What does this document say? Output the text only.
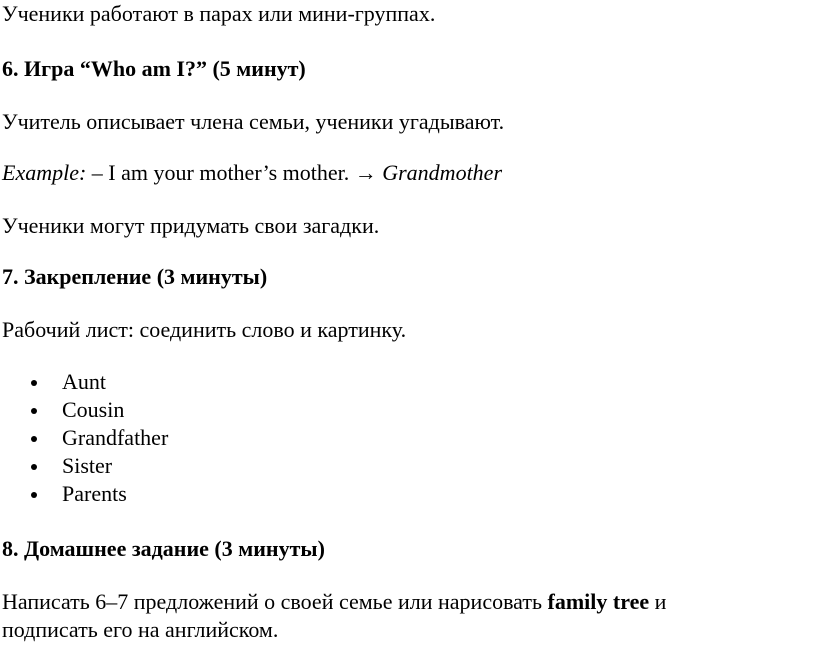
Ученики работают в парах или мини-группах.

6. Игра “Who am I?” (5 минут)

Учитель описывает члена семьи, ученики угадывают.

Example: – I am your mother’s mother. → Grandmother

Ученики могут придумать свои загадки.

7. Закрепление (3 минуты)

Рабочий лист: соединить слово и картинку.

Aunt
Cousin
Grandfather
Sister
Parents

8. Домашнее задание (3 минуты)

Написать 6–7 предложений о своей семье или нарисовать family tree и

подписать его на английском.
